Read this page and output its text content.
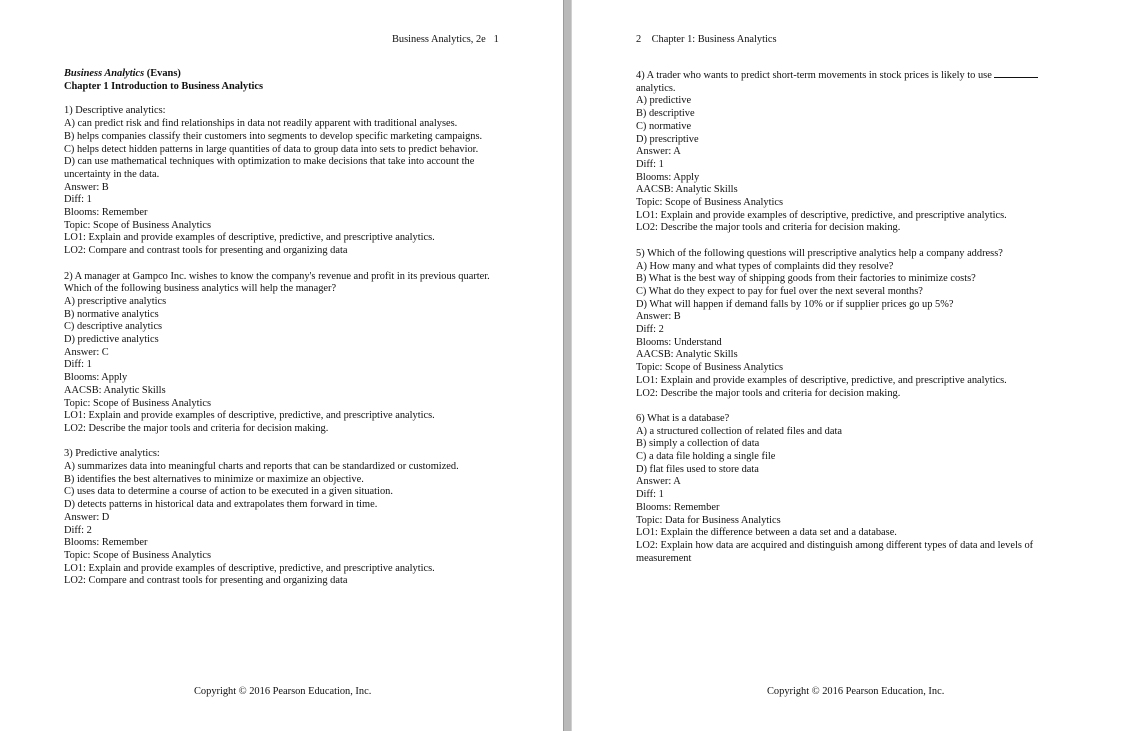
Business Analytics, 2e   1
Business Analytics (Evans)
Chapter 1 Introduction to Business Analytics
1) Descriptive analytics:
A) can predict risk and find relationships in data not readily apparent with traditional analyses.
B) helps companies classify their customers into segments to develop specific marketing campaigns.
C) helps detect hidden patterns in large quantities of data to group data into sets to predict behavior.
D) can use mathematical techniques with optimization to make decisions that take into account the uncertainty in the data.
Answer: B
Diff: 1
Blooms: Remember
Topic: Scope of Business Analytics
LO1: Explain and provide examples of descriptive, predictive, and prescriptive analytics.
LO2: Compare and contrast tools for presenting and organizing data
2) A manager at Gampco Inc. wishes to know the company's revenue and profit in its previous quarter. Which of the following business analytics will help the manager?
A) prescriptive analytics
B) normative analytics
C) descriptive analytics
D) predictive analytics
Answer: C
Diff: 1
Blooms: Apply
AACSB: Analytic Skills
Topic: Scope of Business Analytics
LO1: Explain and provide examples of descriptive, predictive, and prescriptive analytics.
LO2: Describe the major tools and criteria for decision making.
3) Predictive analytics:
A) summarizes data into meaningful charts and reports that can be standardized or customized.
B) identifies the best alternatives to minimize or maximize an objective.
C) uses data to determine a course of action to be executed in a given situation.
D) detects patterns in historical data and extrapolates them forward in time.
Answer: D
Diff: 2
Blooms: Remember
Topic: Scope of Business Analytics
LO1: Explain and provide examples of descriptive, predictive, and prescriptive analytics.
LO2: Compare and contrast tools for presenting and organizing data
Copyright © 2016 Pearson Education, Inc.
2    Chapter 1: Business Analytics
4) A trader who wants to predict short-term movements in stock prices is likely to use
analytics.
A) predictive
B) descriptive
C) normative
D) prescriptive
Answer: A
Diff: 1
Blooms: Apply
AACSB: Analytic Skills
Topic: Scope of Business Analytics
LO1: Explain and provide examples of descriptive, predictive, and prescriptive analytics.
LO2: Describe the major tools and criteria for decision making.
5) Which of the following questions will prescriptive analytics help a company address?
A) How many and what types of complaints did they resolve?
B) What is the best way of shipping goods from their factories to minimize costs?
C) What do they expect to pay for fuel over the next several months?
D) What will happen if demand falls by 10% or if supplier prices go up 5%?
Answer: B
Diff: 2
Blooms: Understand
AACSB: Analytic Skills
Topic: Scope of Business Analytics
LO1: Explain and provide examples of descriptive, predictive, and prescriptive analytics.
LO2: Describe the major tools and criteria for decision making.
6) What is a database?
A) a structured collection of related files and data
B) simply a collection of data
C) a data file holding a single file
D) flat files used to store data
Answer: A
Diff: 1
Blooms: Remember
Topic: Data for Business Analytics
LO1: Explain the difference between a data set and a database.
LO2: Explain how data are acquired and distinguish among different types of data and levels of measurement
Copyright © 2016 Pearson Education, Inc.
